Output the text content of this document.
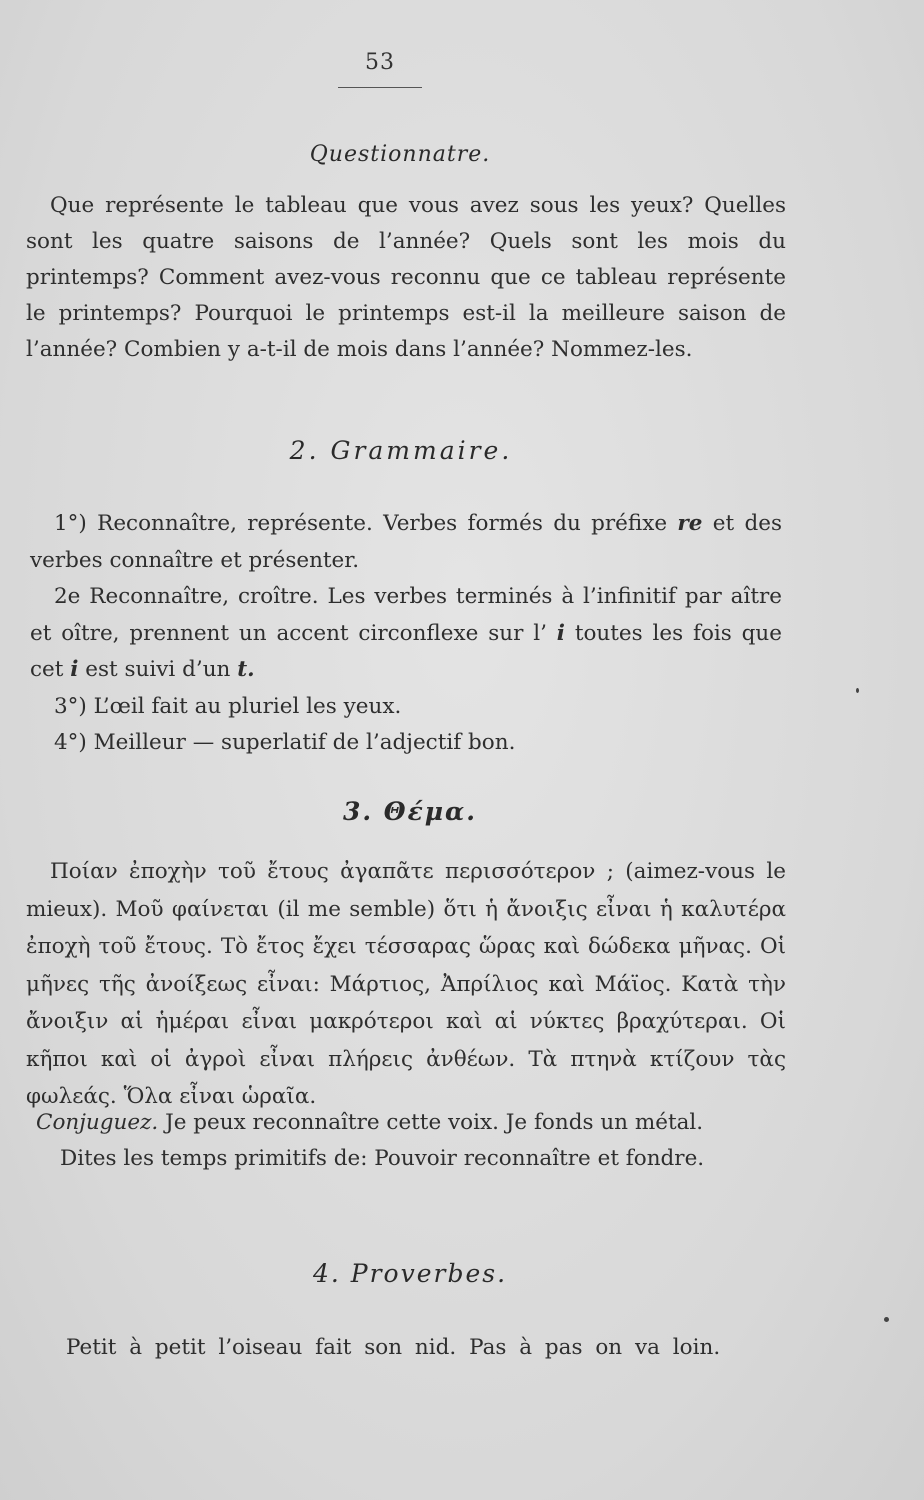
53
Questionnatre.

Que représente le tableau que vous avez sous les yeux? Quelles sont les quatre saisons de l’année? Quels sont les mois du printemps? Comment avez-vous reconnu que ce tableau représente le printemps? Pourquoi le printemps est-il la meilleure saison de l’année? Combien y a-t-il de mois dans l’année? Nommez-les.

2. Grammaire.

1°) Reconnaître, représente. Verbes formés du préfixe re et des verbes connaître et présenter.

2e Reconnaître, croître. Les verbes terminés à l’infinitif par aître et oître, prennent un accent circonflexe sur l’ i toutes les fois que cet i est suivi d’un t.

3°) L’œil fait au pluriel les yeux.

4°) Meilleur — superlatif de l’adjectif bon.

3. Θέμα.

Ποίαν ἐποχὴν τοῦ ἔτους ἀγαπᾶτε περισσότερον ; (aimez-vous le mieux). Μοῦ φαίνεται (il me semble) ὅτι ἡ ἄνοιξις εἶναι ἡ καλυτέρα ἐποχὴ τοῦ ἔτους. Τὸ ἔτος ἔχει τέσσαρας ὥρας καὶ δώδεκα μῆνας. Οἱ μῆνες τῆς ἀνοίξεως εἶναι: Μάρτιος, Ἀπρίλιος καὶ Μάϊος. Κατὰ τὴν ἄνοιξιν αἱ ἡμέραι εἶναι μακρότεροι καὶ αἱ νύκτες βραχύτεραι. Οἱ κῆποι καὶ οἱ ἀγροὶ εἶναι πλήρεις ἀνθέων. Τὰ πτηνὰ κτίζουν τὰς φωλεάς. Ὅλα εἶναι ὡραῖα.

Conjuguez. Je peux reconnaître cette voix. Je fonds un métal.

Dites les temps primitifs de: Pouvoir reconnaître et fondre.

4. Proverbes.

Petit à petit l’oiseau fait son nid. Pas à pas on va loin.
